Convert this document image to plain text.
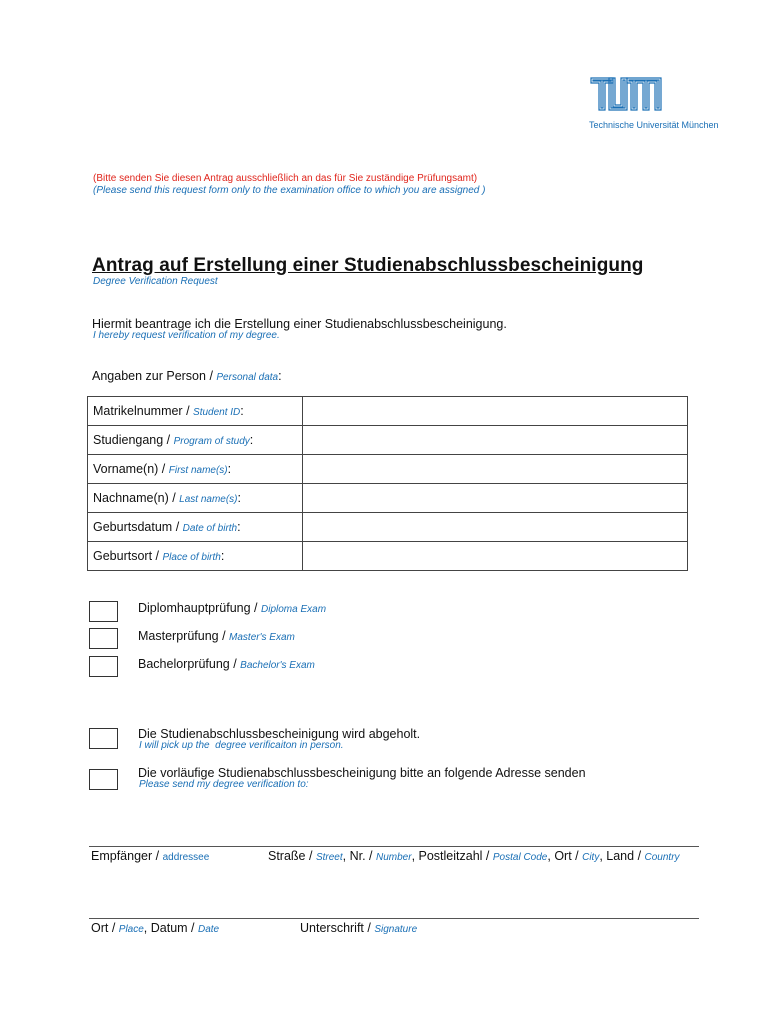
Technische Universität München
(Bitte senden Sie diesen Antrag ausschließlich an das für Sie zuständige Prüfungsamt)
(Please send this request form only to the examination office to which you are assigned )
Antrag auf Erstellung einer Studienabschlussbescheinigung
Degree Verification Request
Hiermit beantrage ich die Erstellung einer Studienabschlussbescheinigung.
I hereby request verification of my degree.
Angaben zur Person / Personal data:
Matrikelnummer / Student ID:	
Studiengang / Program of study:	
Vorname(n) / First name(s):	
Nachname(n) / Last name(s):	
Geburtsdatum / Date of birth:	
Geburtsort / Place of birth:	
Diplomhauptprüfung / Diploma Exam
Masterprüfung / Master's Exam
Bachelorprüfung / Bachelor's Exam
Die Studienabschlussbescheinigung wird abgeholt.
I will pick up the  degree verificaiton in person.
Die vorläufige Studienabschlussbescheinigung bitte an folgende Adresse senden
Please send my degree verification to:
Empfänger / addressee	Straße / Street, Nr. / Number, Postleitzahl / Postal Code, Ort / City, Land / Country
Ort / Place, Datum / Date	Unterschrift / Signature
